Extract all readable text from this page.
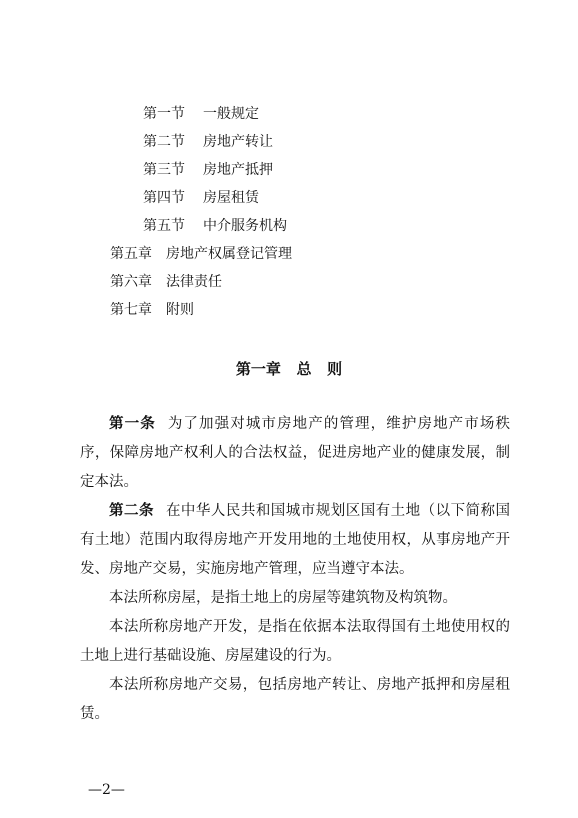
第一节 一般规定
第二节 房地产转让
第三节 房地产抵押
第四节 房屋租赁
第五节 中介服务机构
第五章 房地产权属登记管理
第六章 法律责任
第七章 附则
第一章   总   则
第一条 为了加强对城市房地产的管理，维护房地产市场秩序，保障房地产权利人的合法权益，促进房地产业的健康发展，制定本法。
第二条 在中华人民共和国城市规划区国有土地（以下简称国有土地）范围内取得房地产开发用地的土地使用权，从事房地产开发、房地产交易，实施房地产管理，应当遵守本法。
本法所称房屋，是指土地上的房屋等建筑物及构筑物。
本法所称房地产开发，是指在依据本法取得国有土地使用权的土地上进行基础设施、房屋建设的行为。
本法所称房地产交易，包括房地产转让、房地产抵押和房屋租赁。
—2—
